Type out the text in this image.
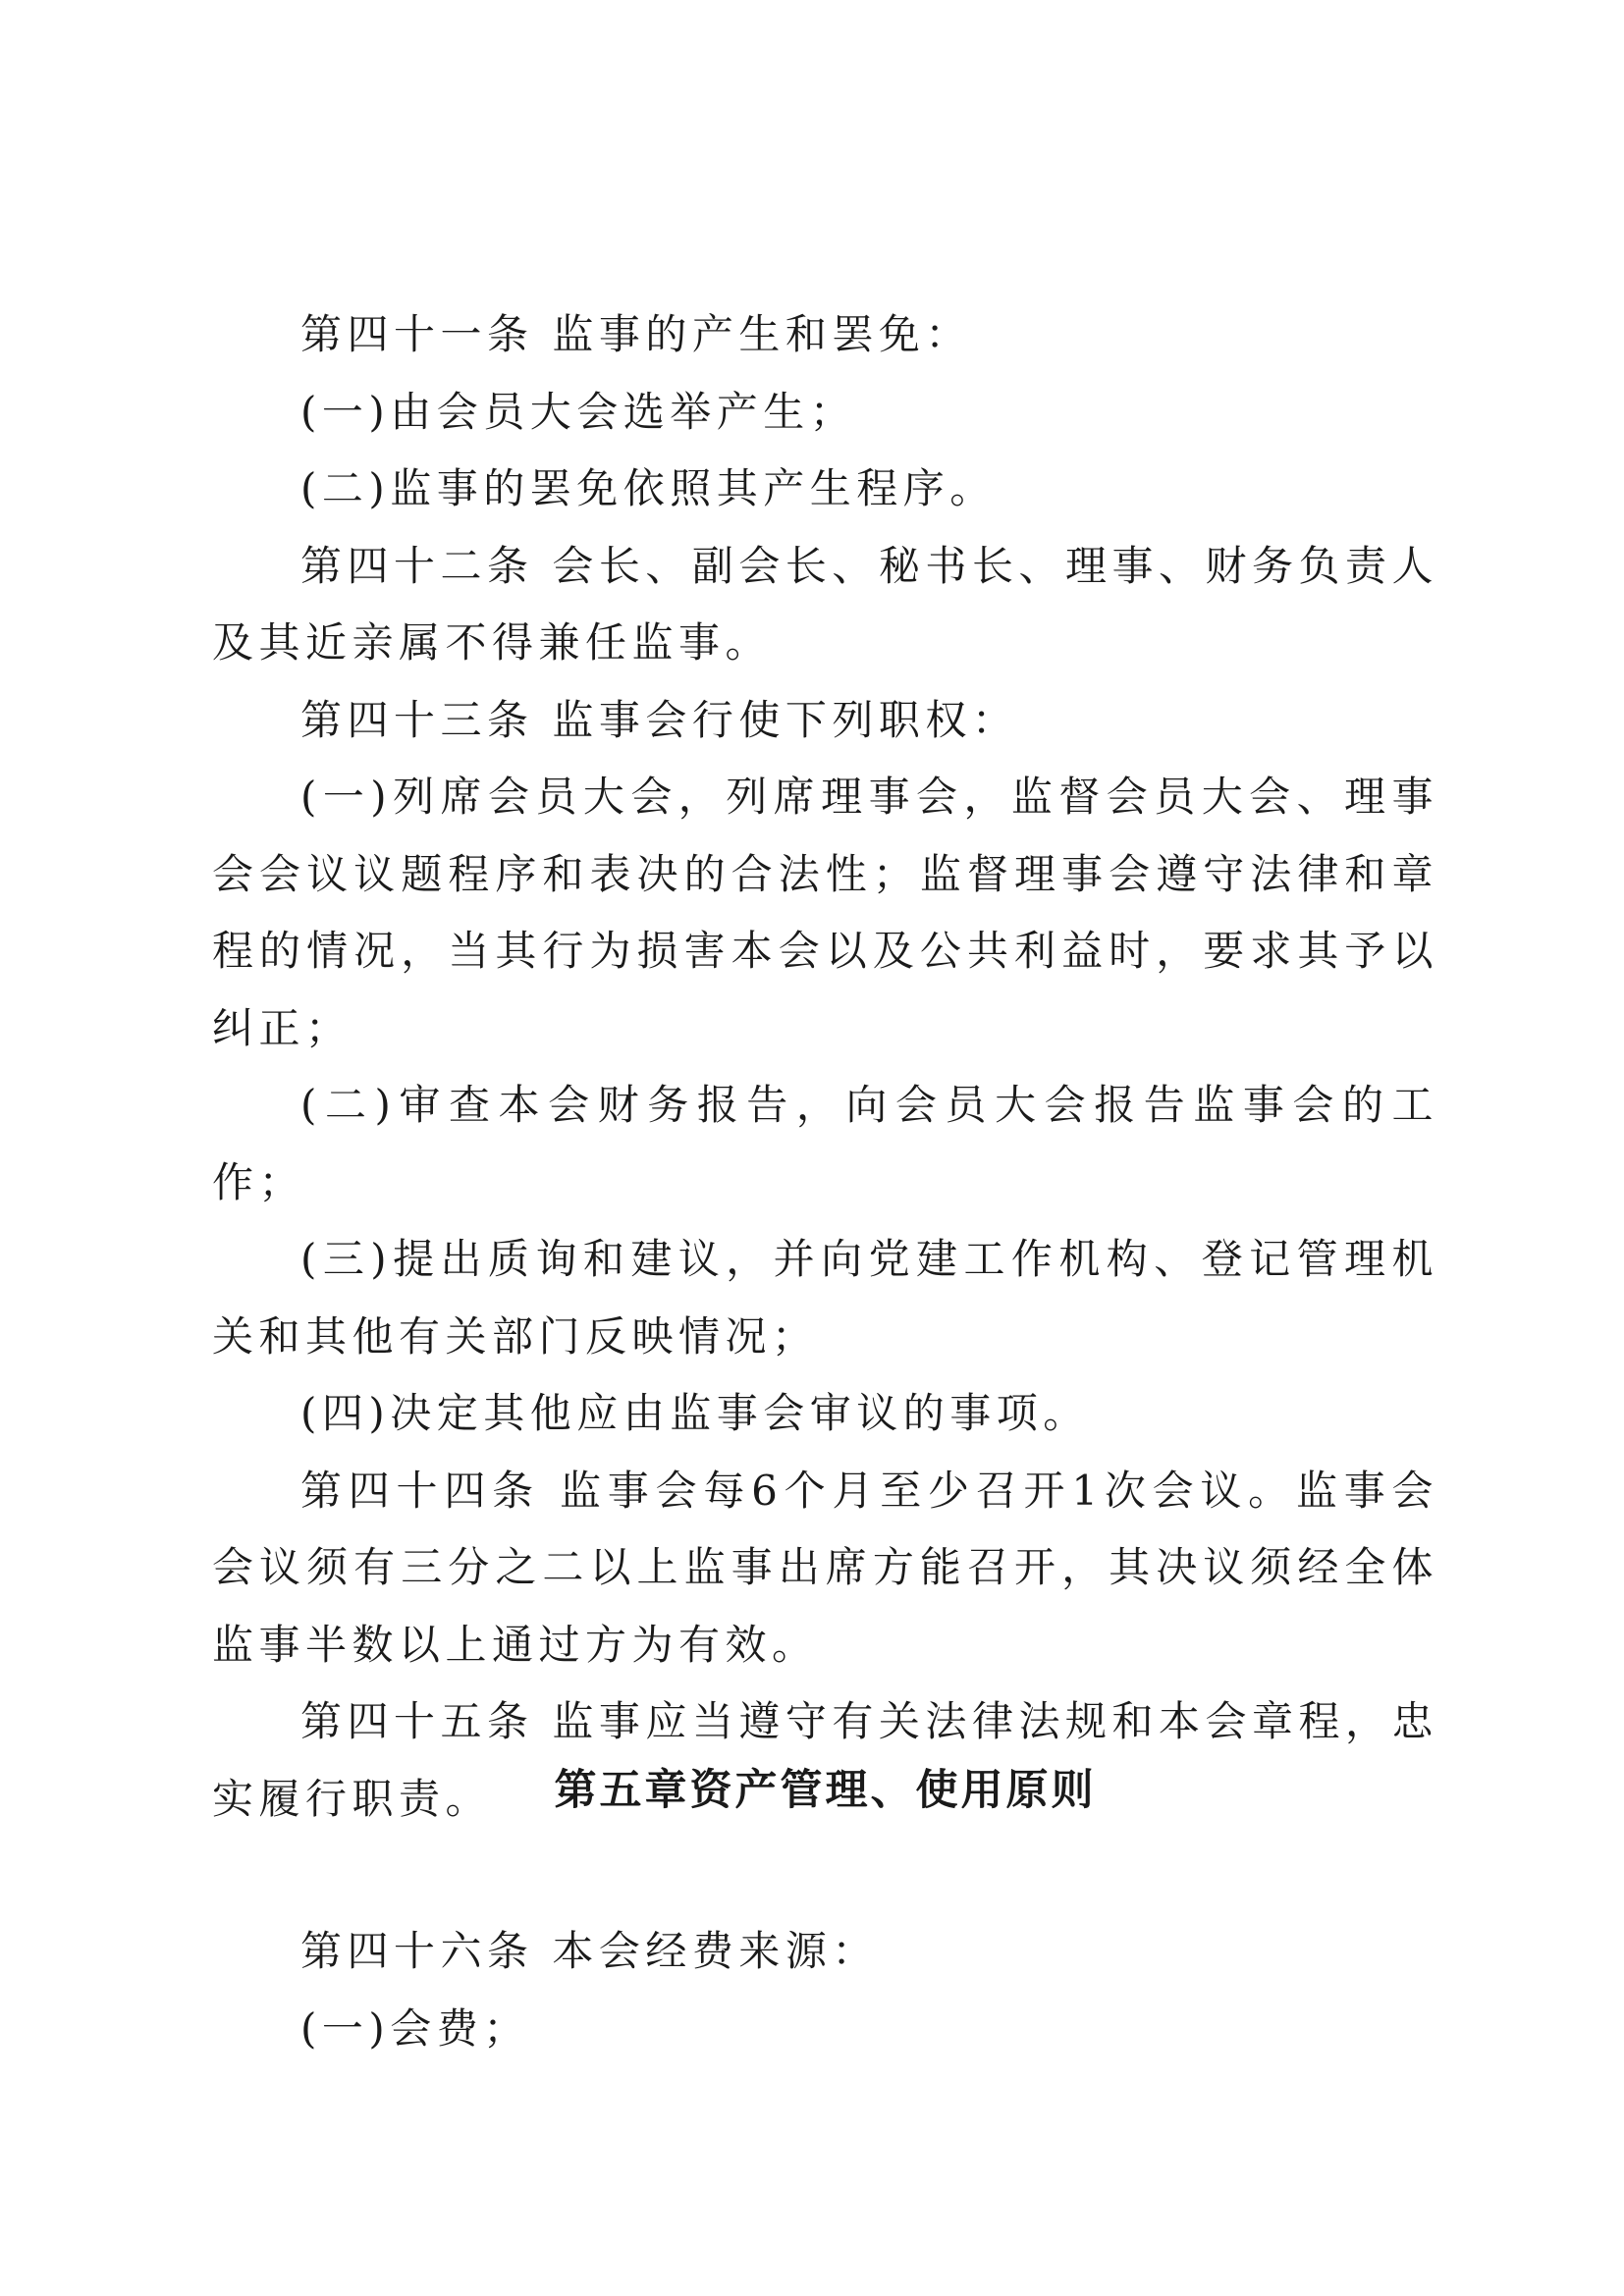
第四十一条 监事的产生和罢免：

(一)由会员大会选举产生；

(二)监事的罢免依照其产生程序。

第四十二条 会长、副会长、秘书长、理事、财务负责人及其近亲属不得兼任监事。

第四十三条 监事会行使下列职权：

(一)列席会员大会，列席理事会，监督会员大会、理事会会议议题程序和表决的合法性；监督理事会遵守法律和章程的情况，当其行为损害本会以及公共利益时，要求其予以纠正；

(二)审查本会财务报告，向会员大会报告监事会的工作；

(三)提出质询和建议，并向党建工作机构、登记管理机关和其他有关部门反映情况；

(四)决定其他应由监事会审议的事项。

第四十四条 监事会每6个月至少召开1次会议。监事会会议须有三分之二以上监事出席方能召开，其决议须经全体监事半数以上通过方为有效。

第四十五条 监事应当遵守有关法律法规和本会章程，忠实履行职责。	第五章资产管理、使用原则

第四十六条 本会经费来源：

(一)会费；
